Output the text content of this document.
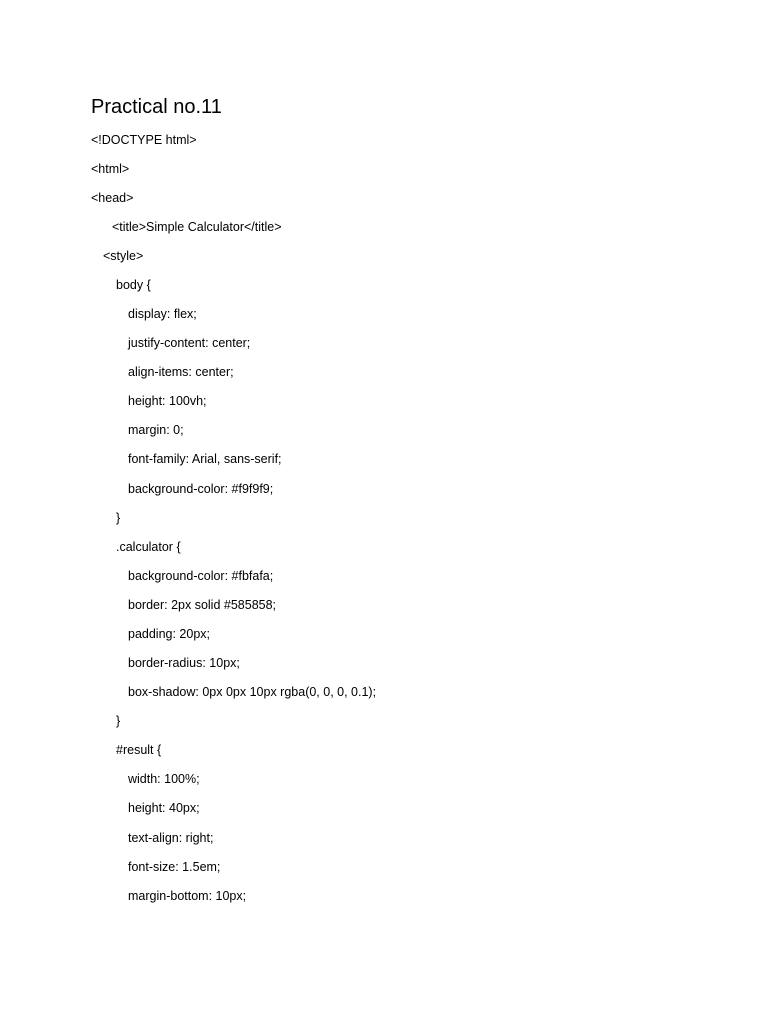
Practical no.11
<!DOCTYPE html>
<html>
<head>
<title>Simple Calculator</title>
<style>
body {
display: flex;
justify-content: center;
align-items: center;
height: 100vh;
margin: 0;
font-family: Arial, sans-serif;
background-color: #f9f9f9;
}
.calculator {
background-color: #fbfafa;
border: 2px solid #585858;
padding: 20px;
border-radius: 10px;
box-shadow: 0px 0px 10px rgba(0, 0, 0, 0.1);
}
#result {
width: 100%;
height: 40px;
text-align: right;
font-size: 1.5em;
margin-bottom: 10px;
